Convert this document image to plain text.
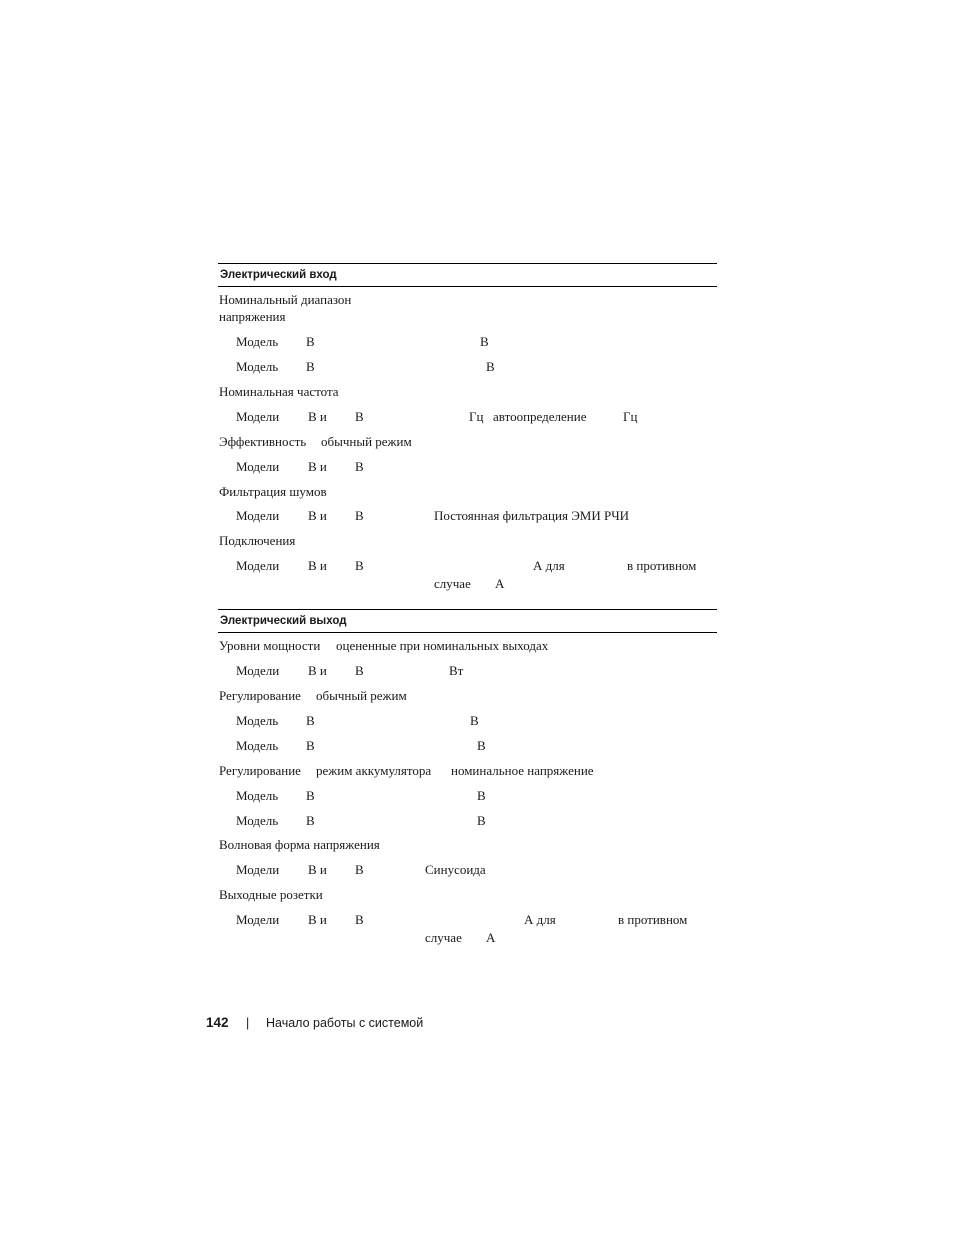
Электрический вход
Номинальный диапазон
напряжения
Модель В	В
Модель В	В
Номинальная частота
Модели В и В	Гц автоопределение	Гц
Эффективность обычный режим
Модели В и В
Фильтрация шумов
Модели В и В	Постоянная фильтрация ЭМИ РЧИ
Подключения
Модели В и В	А для	в противном
случае А
Электрический выход
Уровни мощности оцененные при номинальных выходах
Модели В и В	Вт
Регулирование обычный режим
Модель В	В
Модель В	В
Регулирование режим аккумулятора номинальное напряжение
Модель В	В
Модель В	В
Волновая форма напряжения
Модели В и В	Синусоида
Выходные розетки
Модели В и В	А для	в противном
случае А
142 | Начало работы с системой
